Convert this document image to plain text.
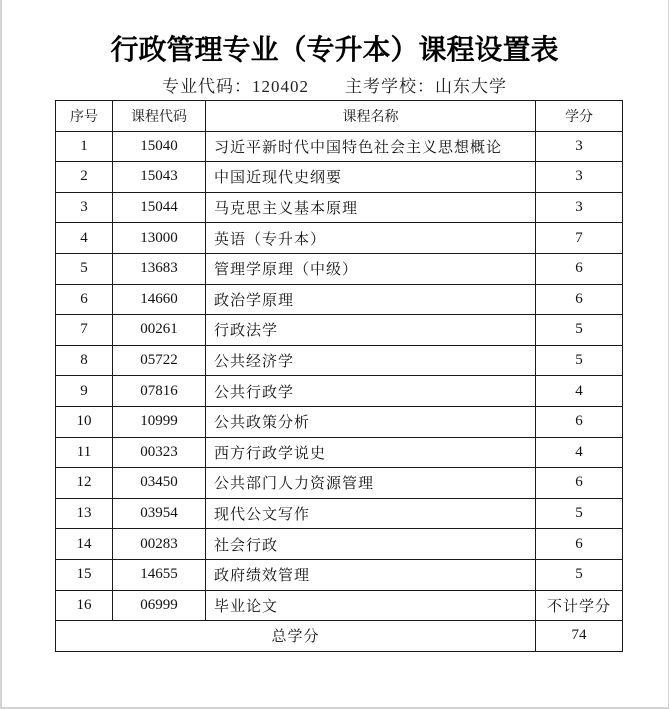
行政管理专业（专升本）课程设置表
专业代码：120402 主考学校：山东大学
序号	课程代码	课程名称	学分
1	15040	习近平新时代中国特色社会主义思想概论	3
2	15043	中国近现代史纲要	3
3	15044	马克思主义基本原理	3
4	13000	英语（专升本）	7
5	13683	管理学原理（中级）	6
6	14660	政治学原理	6
7	00261	行政法学	5
8	05722	公共经济学	5
9	07816	公共行政学	4
10	10999	公共政策分析	6
11	00323	西方行政学说史	4
12	03450	公共部门人力资源管理	6
13	03954	现代公文写作	5
14	00283	社会行政	6
15	14655	政府绩效管理	5
16	06999	毕业论文	不计学分
总学分			74
